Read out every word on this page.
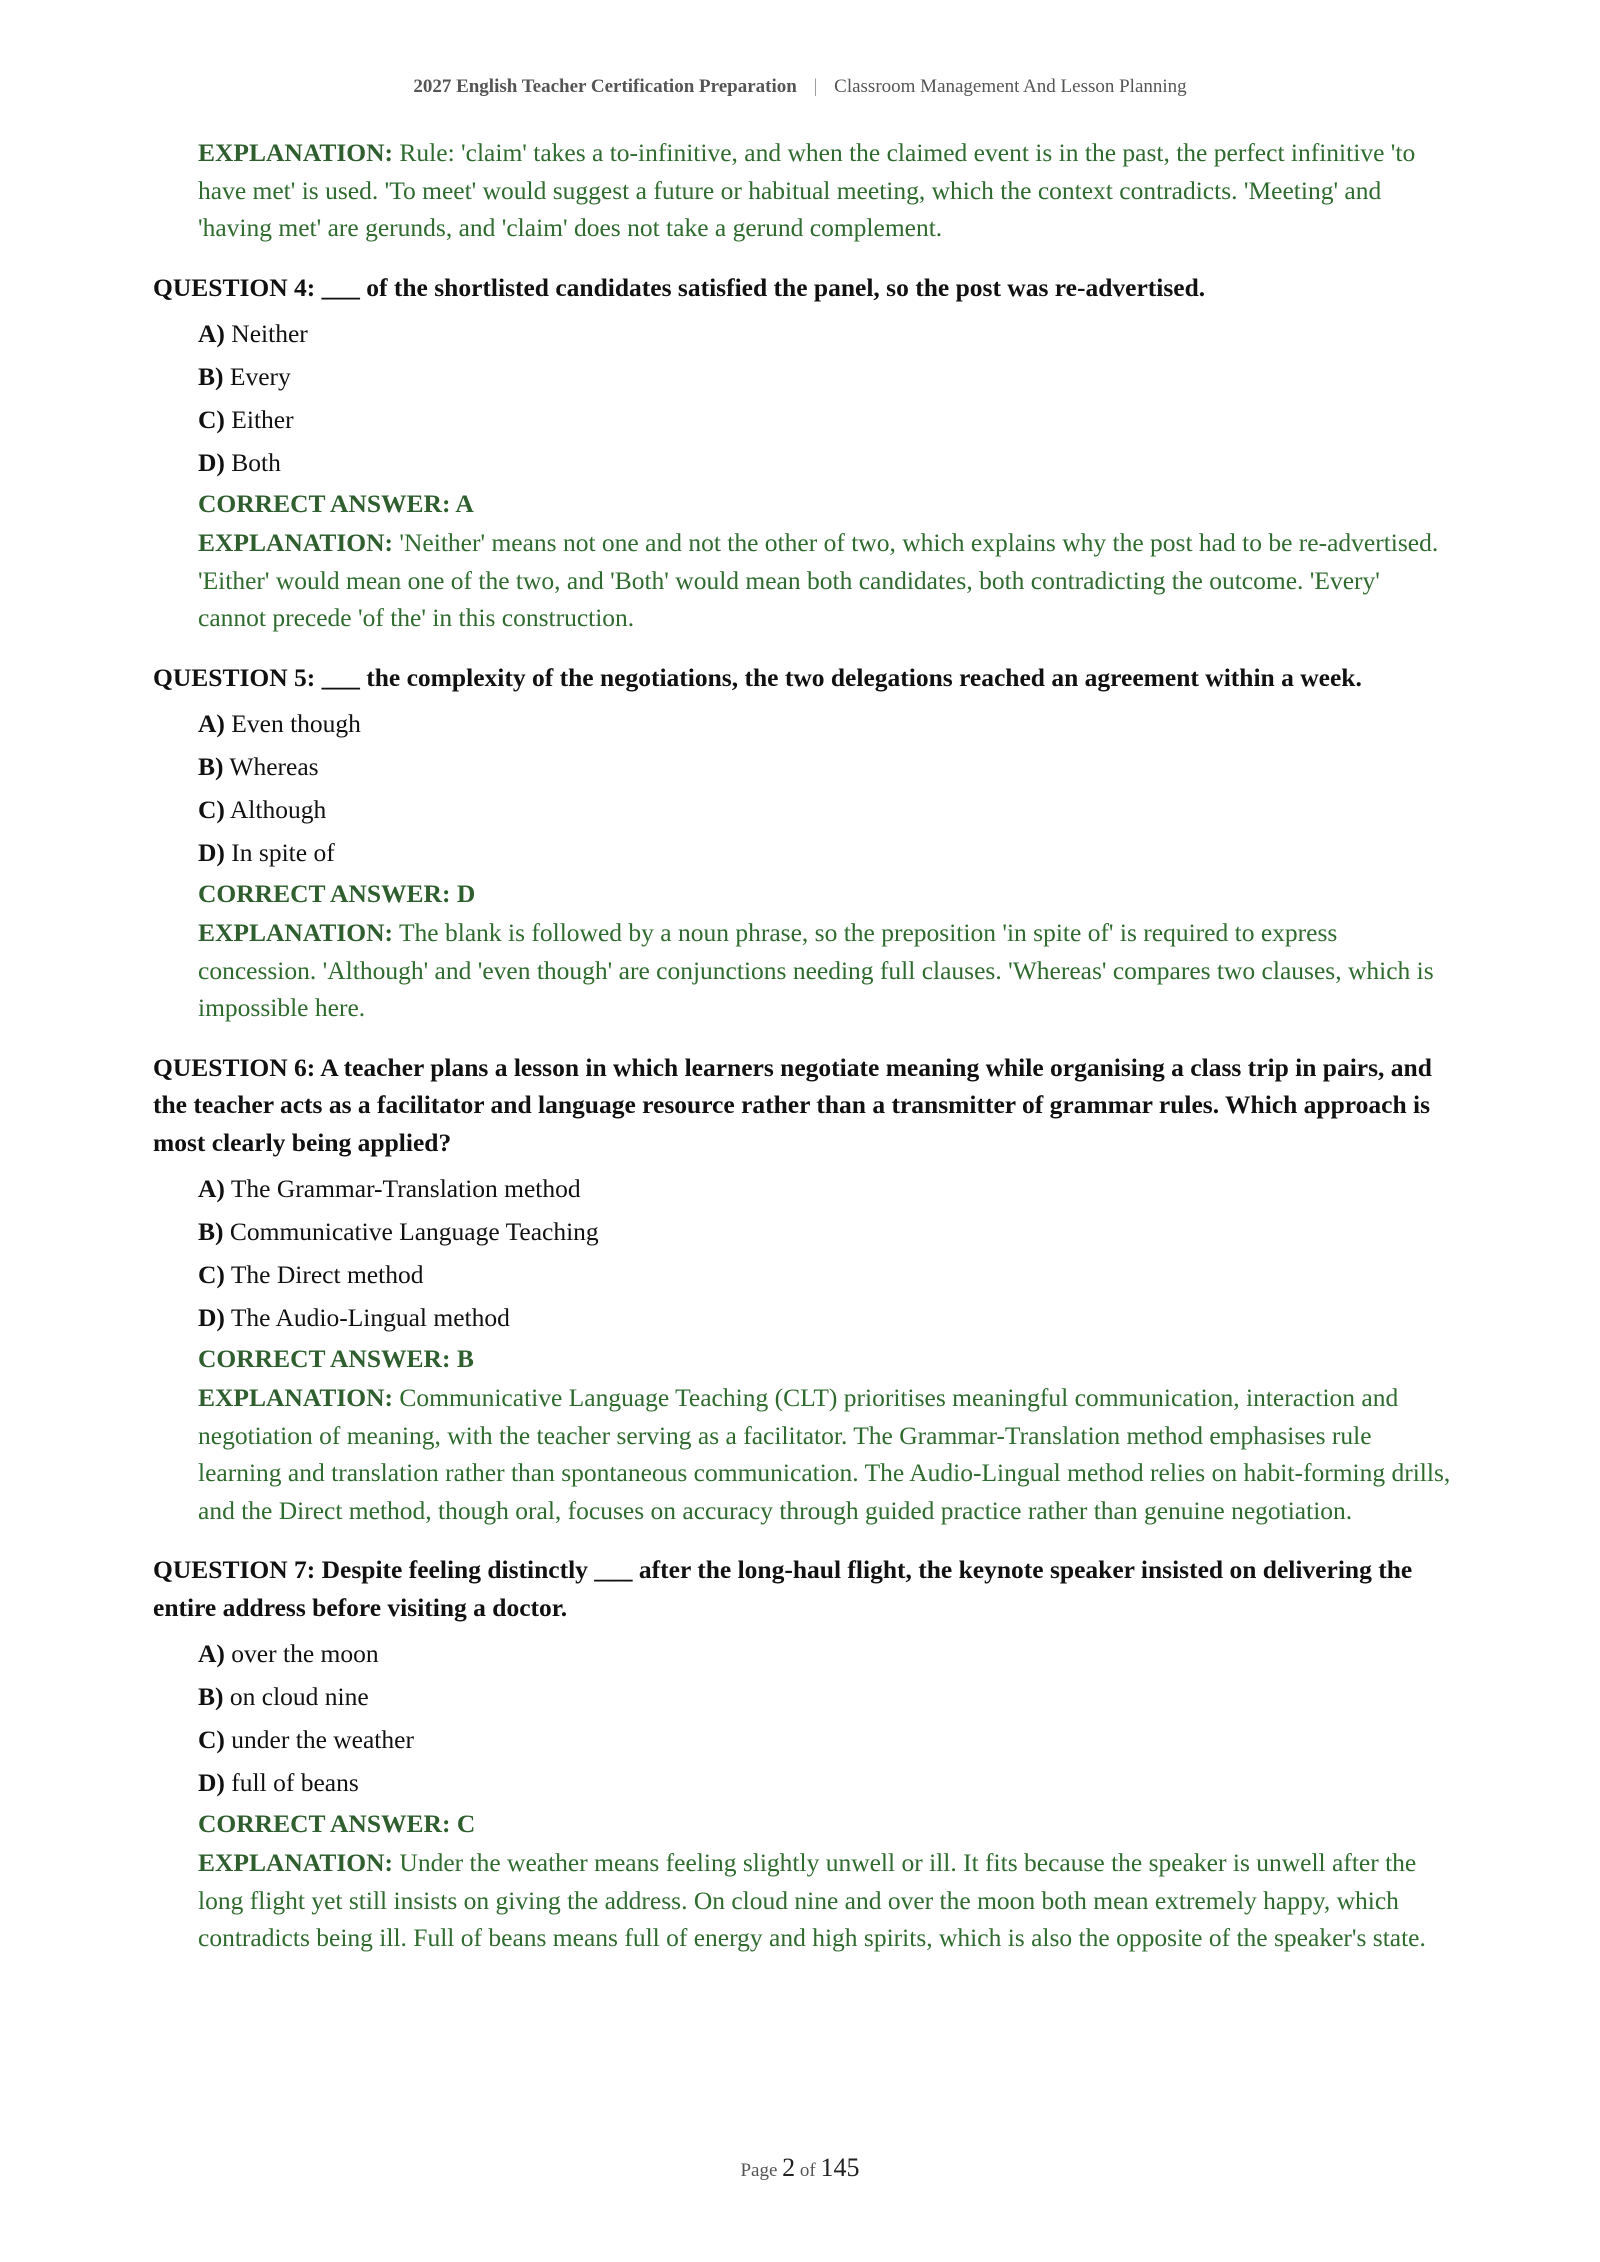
2027 English Teacher Certification Preparation | Classroom Management And Lesson Planning
EXPLANATION: Rule: 'claim' takes a to-infinitive, and when the claimed event is in the past, the perfect infinitive 'to have met' is used. 'To meet' would suggest a future or habitual meeting, which the context contradicts. 'Meeting' and 'having met' are gerunds, and 'claim' does not take a gerund complement.
QUESTION 4: ___ of the shortlisted candidates satisfied the panel, so the post was re-advertised.
A) Neither
B) Every
C) Either
D) Both
CORRECT ANSWER: A
EXPLANATION: 'Neither' means not one and not the other of two, which explains why the post had to be re-advertised. 'Either' would mean one of the two, and 'Both' would mean both candidates, both contradicting the outcome. 'Every' cannot precede 'of the' in this construction.
QUESTION 5: ___ the complexity of the negotiations, the two delegations reached an agreement within a week.
A) Even though
B) Whereas
C) Although
D) In spite of
CORRECT ANSWER: D
EXPLANATION: The blank is followed by a noun phrase, so the preposition 'in spite of' is required to express concession. 'Although' and 'even though' are conjunctions needing full clauses. 'Whereas' compares two clauses, which is impossible here.
QUESTION 6: A teacher plans a lesson in which learners negotiate meaning while organising a class trip in pairs, and the teacher acts as a facilitator and language resource rather than a transmitter of grammar rules. Which approach is most clearly being applied?
A) The Grammar-Translation method
B) Communicative Language Teaching
C) The Direct method
D) The Audio-Lingual method
CORRECT ANSWER: B
EXPLANATION: Communicative Language Teaching (CLT) prioritises meaningful communication, interaction and negotiation of meaning, with the teacher serving as a facilitator. The Grammar-Translation method emphasises rule learning and translation rather than spontaneous communication. The Audio-Lingual method relies on habit-forming drills, and the Direct method, though oral, focuses on accuracy through guided practice rather than genuine negotiation.
QUESTION 7: Despite feeling distinctly ___ after the long-haul flight, the keynote speaker insisted on delivering the entire address before visiting a doctor.
A) over the moon
B) on cloud nine
C) under the weather
D) full of beans
CORRECT ANSWER: C
EXPLANATION: Under the weather means feeling slightly unwell or ill. It fits because the speaker is unwell after the long flight yet still insists on giving the address. On cloud nine and over the moon both mean extremely happy, which contradicts being ill. Full of beans means full of energy and high spirits, which is also the opposite of the speaker's state.
Page 2 of 145
